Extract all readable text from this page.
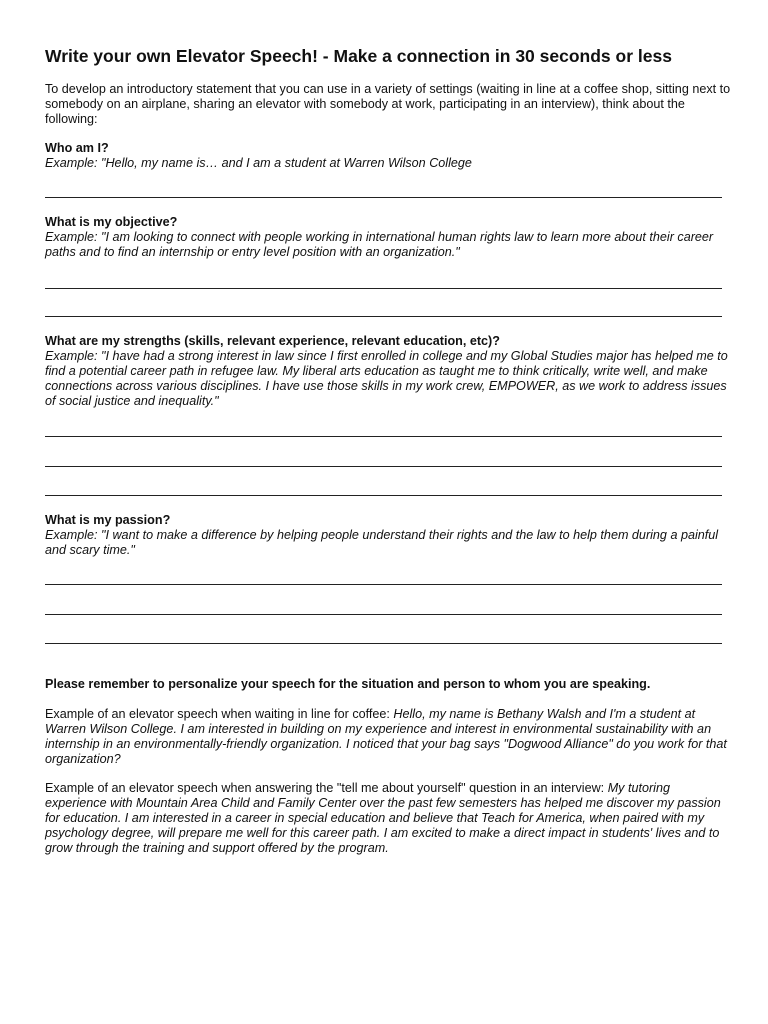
Write your own Elevator Speech! - Make a connection in 30 seconds or less

To develop an introductory statement that you can use in a variety of settings (waiting in line at a coffee shop, sitting next to somebody on an airplane, sharing an elevator with somebody at work, participating in an interview), think about the following:

Who am I?

Example: "Hello, my name is… and I am a student at Warren Wilson College

What is my objective?

Example: "I am looking to connect with people working in international human rights law to learn more about their career paths and to find an internship or entry level position with an organization."

What are my strengths (skills, relevant experience, relevant education, etc)?

Example: "I have had a strong interest in law since I first enrolled in college and my Global Studies major has helped me to find a potential career path in refugee law. My liberal arts education as taught me to think critically, write well, and make connections across various disciplines. I have use those skills in my work crew, EMPOWER, as we work to address issues of social justice and inequality."

What is my passion?

Example: "I want to make a difference by helping people understand their rights and the law to help them during a painful and scary time."

Please remember to personalize your speech for the situation and person to whom you are speaking.

Example of an elevator speech when waiting in line for coffee: Hello, my name is Bethany Walsh and I'm a student at Warren Wilson College. I am interested in building on my experience and interest in environmental sustainability with an internship in an environmentally-friendly organization. I noticed that your bag says "Dogwood Alliance" do you work for that organization?

Example of an elevator speech when answering the "tell me about yourself" question in an interview: My tutoring experience with Mountain Area Child and Family Center over the past few semesters has helped me discover my passion for education. I am interested in a career in special education and believe that Teach for America, when paired with my psychology degree, will prepare me well for this career path. I am excited to make a direct impact in students' lives and to grow through the training and support offered by the program.
